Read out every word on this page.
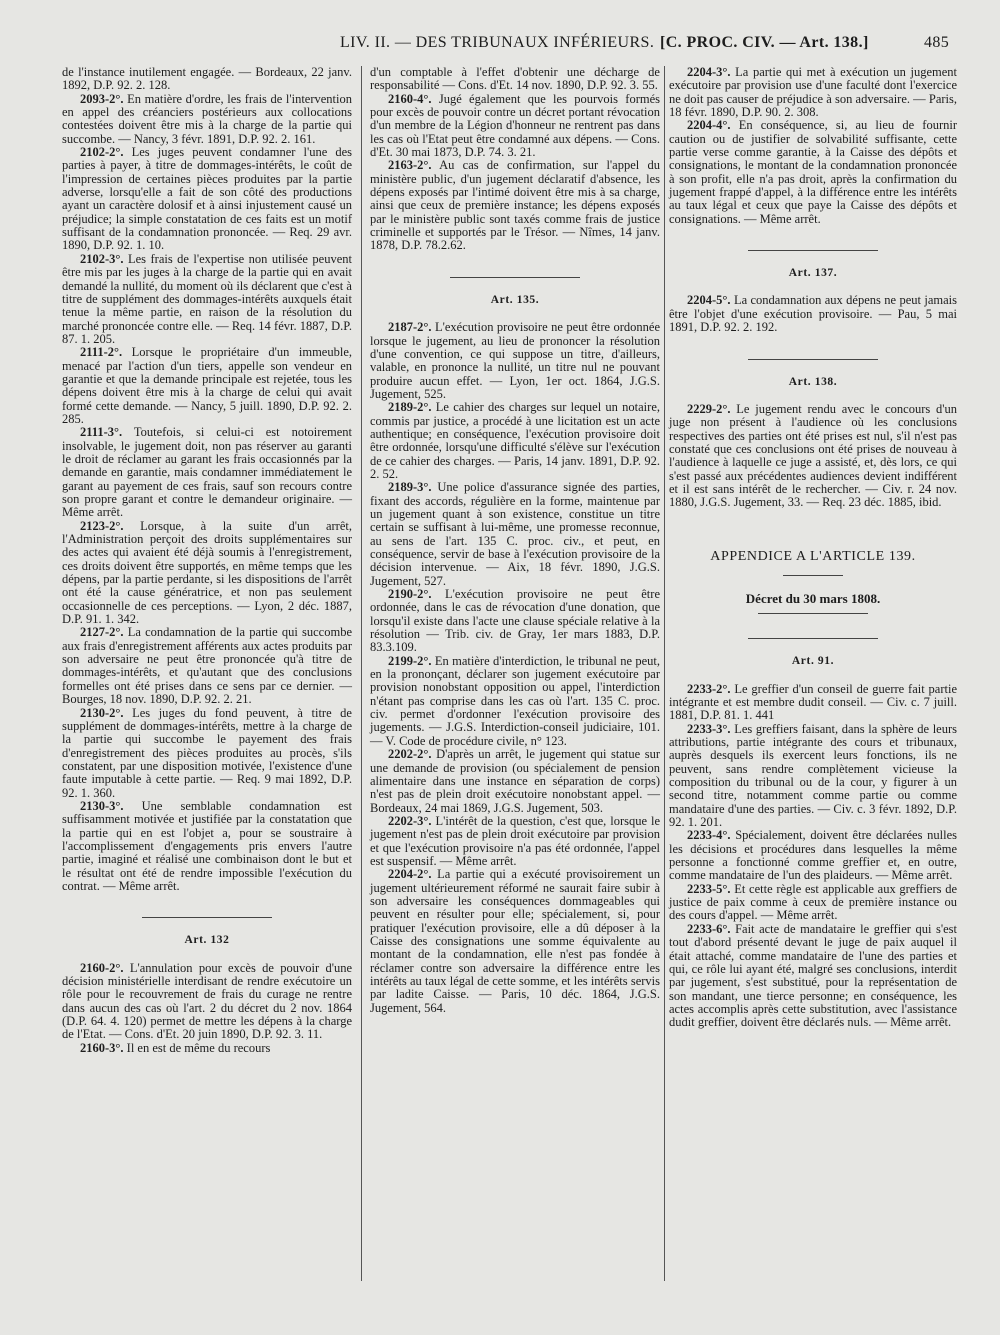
LIV. II. — DES TRIBUNAUX INFÉRIEURS. [C. PROC. CIV. — Art. 138.]	485

de l'instance inutilement engagée. — Bordeaux, 22 janv. 1892, D.P. 92. 2. 128.

2093-2°. En matière d'ordre, les frais de l'intervention en appel des créanciers postérieurs aux collocations contestées doivent être mis à la charge de la partie qui succombe. — Nancy, 3 févr. 1891, D.P. 92. 2. 161.

2102-2°. Les juges peuvent condamner l'une des parties à payer, à titre de dommages-intérêts, le coût de l'impression de certaines pièces produites par la partie adverse, lorsqu'elle a fait de son côté des productions ayant un caractère dolosif et à ainsi injustement causé un préjudice; la simple constatation de ces faits est un motif suffisant de la condamnation prononcée. — Req. 29 avr. 1890, D.P. 92. 1. 10.

2102-3°. Les frais de l'expertise non utilisée peuvent être mis par les juges à la charge de la partie qui en avait demandé la nullité, du moment où ils déclarent que c'est à titre de supplément des dommages-intérêts auxquels était tenue la même partie, en raison de la résolution du marché prononcée contre elle. — Req. 14 févr. 1887, D.P. 87. 1. 205.

2111-2°. Lorsque le propriétaire d'un immeuble, menacé par l'action d'un tiers, appelle son vendeur en garantie et que la demande principale est rejetée, tous les dépens doivent être mis à la charge de celui qui avait formé cette demande. — Nancy, 5 juill. 1890, D.P. 92. 2. 285.

2111-3°. Toutefois, si celui-ci est notoirement insolvable, le jugement doit, non pas réserver au garanti le droit de réclamer au garant les frais occasionnés par la demande en garantie, mais condamner immédiatement le garant au payement de ces frais, sauf son recours contre son propre garant et contre le demandeur originaire. — Même arrêt.

2123-2°. Lorsque, à la suite d'un arrêt, l'Administration perçoit des droits supplémentaires sur des actes qui avaient été déjà soumis à l'enregistrement, ces droits doivent être supportés, en même temps que les dépens, par la partie perdante, si les dispositions de l'arrêt ont été la cause génératrice, et non pas seulement occasionnelle de ces perceptions. — Lyon, 2 déc. 1887, D.P. 91. 1. 342.

2127-2°. La condamnation de la partie qui succombe aux frais d'enregistrement afférents aux actes produits par son adversaire ne peut être prononcée qu'à titre de dommages-intérêts, et qu'autant que des conclusions formelles ont été prises dans ce sens par ce dernier. — Bourges, 18 nov. 1890, D.P. 92. 2. 21.

2130-2°. Les juges du fond peuvent, à titre de supplément de dommages-intérêts, mettre à la charge de la partie qui succombe le payement des frais d'enregistrement des pièces produites au procès, s'ils constatent, par une disposition motivée, l'existence d'une faute imputable à cette partie. — Req. 9 mai 1892, D.P. 92. 1. 360.

2130-3°. Une semblable condamnation est suffisamment motivée et justifiée par la constatation que la partie qui en est l'objet a, pour se soustraire à l'accomplissement d'engagements pris envers l'autre partie, imaginé et réalisé une combinaison dont le but et le résultat ont été de rendre impossible l'exécution du contrat. — Même arrêt.

Art. 132

2160-2°. L'annulation pour excès de pouvoir d'une décision ministérielle interdisant de rendre exécutoire un rôle pour le recouvrement de frais du curage ne rentre dans aucun des cas où l'art. 2 du décret du 2 nov. 1864 (D.P. 64. 4. 120) permet de mettre les dépens à la charge de l'Etat. — Cons. d'Et. 20 juin 1890, D.P. 92. 3. 11.

2160-3°. Il en est de même du recours

d'un comptable à l'effet d'obtenir une décharge de responsabilité — Cons. d'Et. 14 nov. 1890, D.P. 92. 3. 55.

2160-4°. Jugé également que les pourvois formés pour excès de pouvoir contre un décret portant révocation d'un membre de la Légion d'honneur ne rentrent pas dans les cas où l'Etat peut être condamné aux dépens. — Cons. d'Et. 30 mai 1873, D.P. 74. 3. 21.

2163-2°. Au cas de confirmation, sur l'appel du ministère public, d'un jugement déclaratif d'absence, les dépens exposés par l'intimé doivent être mis à sa charge, ainsi que ceux de première instance; les dépens exposés par le ministère public sont taxés comme frais de justice criminelle et supportés par le Trésor. — Nîmes, 14 janv. 1878, D.P. 78.2.62.

Art. 135.

2187-2°. L'exécution provisoire ne peut être ordonnée lorsque le jugement, au lieu de prononcer la résolution d'une convention, ce qui suppose un titre, d'ailleurs, valable, en prononce la nullité, un titre nul ne pouvant produire aucun effet. — Lyon, 1er oct. 1864, J.G.S. Jugement, 525.

2189-2°. Le cahier des charges sur lequel un notaire, commis par justice, a procédé à une licitation est un acte authentique; en conséquence, l'exécution provisoire doit être ordonnée, lorsqu'une difficulté s'élève sur l'exécution de ce cahier des charges. — Paris, 14 janv. 1891, D.P. 92. 2. 52.

2189-3°. Une police d'assurance signée des parties, fixant des accords, régulière en la forme, maintenue par un jugement quant à son existence, constitue un titre certain se suffisant à lui-même, une promesse reconnue, au sens de l'art. 135 C. proc. civ., et peut, en conséquence, servir de base à l'exécution provisoire de la décision intervenue. — Aix, 18 févr. 1890, J.G.S. Jugement, 527.

2190-2°. L'exécution provisoire ne peut être ordonnée, dans le cas de révocation d'une donation, que lorsqu'il existe dans l'acte une clause spéciale relative à la résolution — Trib. civ. de Gray, 1er mars 1883, D.P. 83.3.109.

2199-2°. En matière d'interdiction, le tribunal ne peut, en la prononçant, déclarer son jugement exécutoire par provision nonobstant opposition ou appel, l'interdiction n'étant pas comprise dans les cas où l'art. 135 C. proc. civ. permet d'ordonner l'exécution provisoire des jugements. — J.G.S. Interdiction-conseil judiciaire, 101. — V. Code de procédure civile, n° 123.

2202-2°. D'après un arrêt, le jugement qui statue sur une demande de provision (ou spécialement de pension alimentaire dans une instance en séparation de corps) n'est pas de plein droit exécutoire nonobstant appel. — Bordeaux, 24 mai 1869, J.G.S. Jugement, 503.

2202-3°. L'intérêt de la question, c'est que, lorsque le jugement n'est pas de plein droit exécutoire par provision et que l'exécution provisoire n'a pas été ordonnée, l'appel est suspensif. — Même arrêt.

2204-2°. La partie qui a exécuté provisoirement un jugement ultérieurement réformé ne saurait faire subir à son adversaire les conséquences dommageables qui peuvent en résulter pour elle; spécialement, si, pour pratiquer l'exécution provisoire, elle a dû déposer à la Caisse des consignations une somme équivalente au montant de la condamnation, elle n'est pas fondée à réclamer contre son adversaire la différence entre les intérêts au taux légal de cette somme, et les intérêts servis par ladite Caisse. — Paris, 10 déc. 1864, J.G.S. Jugement, 564.

2204-3°. La partie qui met à exécution un jugement exécutoire par provision use d'une faculté dont l'exercice ne doit pas causer de préjudice à son adversaire. — Paris, 18 févr. 1890, D.P. 90. 2. 308.

2204-4°. En conséquence, si, au lieu de fournir caution ou de justifier de solvabilité suffisante, cette partie verse comme garantie, à la Caisse des dépôts et consignations, le montant de la condamnation prononcée à son profit, elle n'a pas droit, après la confirmation du jugement frappé d'appel, à la différence entre les intérêts au taux légal et ceux que paye la Caisse des dépôts et consignations. — Même arrêt.

Art. 137.

2204-5°. La condamnation aux dépens ne peut jamais être l'objet d'une exécution provisoire. — Pau, 5 mai 1891, D.P. 92. 2. 192.

Art. 138.

2229-2°. Le jugement rendu avec le concours d'un juge non présent à l'audience où les conclusions respectives des parties ont été prises est nul, s'il n'est pas constaté que ces conclusions ont été prises de nouveau à l'audience à laquelle ce juge a assisté, et, dès lors, ce qui s'est passé aux précédentes audiences devient indifférent et il est sans intérêt de le rechercher. — Civ. r. 24 nov. 1880, J.G.S. Jugement, 33. — Req. 23 déc. 1885, ibid.

APPENDICE A L'ARTICLE 139.
Décret du 30 mars 1808.
Art. 91.

2233-2°. Le greffier d'un conseil de guerre fait partie intégrante et est membre dudit conseil. — Civ. c. 7 juill. 1881, D.P. 81. 1. 441

2233-3°. Les greffiers faisant, dans la sphère de leurs attributions, partie intégrante des cours et tribunaux, auprès desquels ils exercent leurs fonctions, ils ne peuvent, sans rendre complètement vicieuse la composition du tribunal ou de la cour, y figurer à un second titre, notamment comme partie ou comme mandataire d'une des parties. — Civ. c. 3 févr. 1892, D.P. 92. 1. 201.

2233-4°. Spécialement, doivent être déclarées nulles les décisions et procédures dans lesquelles la même personne a fonctionné comme greffier et, en outre, comme mandataire de l'un des plaideurs. — Même arrêt.

2233-5°. Et cette règle est applicable aux greffiers de justice de paix comme à ceux de première instance ou des cours d'appel. — Même arrêt.

2233-6°. Fait acte de mandataire le greffier qui s'est tout d'abord présenté devant le juge de paix auquel il était attaché, comme mandataire de l'une des parties et qui, ce rôle lui ayant été, malgré ses conclusions, interdit par jugement, s'est substitué, pour la représentation de son mandant, une tierce personne; en conséquence, les actes accomplis après cette substitution, avec l'assistance dudit greffier, doivent être déclarés nuls. — Même arrêt.
